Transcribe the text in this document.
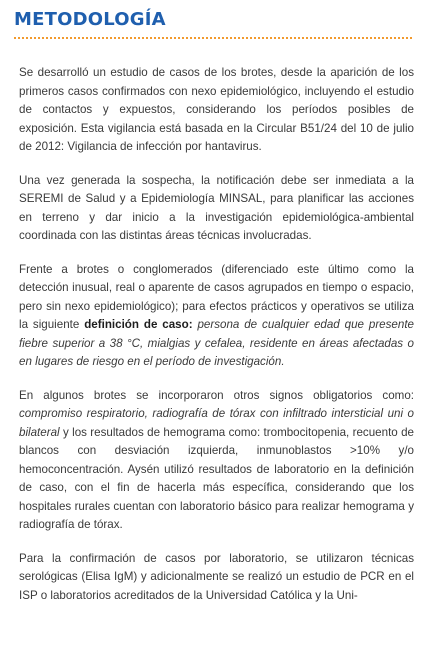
METODOLOGÍA

Se desarrolló un estudio de casos de los brotes, desde la aparición de los primeros casos confirmados con nexo epidemiológico, incluyendo el estudio de contactos y expuestos, considerando los períodos posibles de exposición. Esta vigilancia está basada en la Circular B51/24 del 10 de julio de 2012: Vigilancia de infección por hantavirus.

Una vez generada la sospecha, la notificación debe ser inmediata a la SEREMI de Salud y a Epidemiología MINSAL, para planificar las acciones en terreno y dar inicio a la investigación epidemiológica-ambiental coordinada con las distintas áreas técnicas involucradas.

Frente a brotes o conglomerados (diferenciado este último como la detección inusual, real o aparente de casos agrupados en tiempo o espacio, pero sin nexo epidemiológico); para efectos prácticos y operativos se utiliza la siguiente definición de caso: persona de cualquier edad que presente fiebre superior a 38 °C, mialgias y cefalea, residente en áreas afectadas o en lugares de riesgo en el período de investigación.

En algunos brotes se incorporaron otros signos obligatorios como: compromiso respiratorio, radiografía de tórax con infiltrado intersticial uni o bilateral y los resultados de hemograma como: trombocitopenia, recuento de blancos con desviación izquierda, inmunoblastos >10% y/o hemoconcentración. Aysén utilizó resultados de laboratorio en la definición de caso, con el fin de hacerla más específica, considerando que los hospitales rurales cuentan con laboratorio básico para realizar hemograma y radiografía de tórax.

Para la confirmación de casos por laboratorio, se utilizaron técnicas serológicas (Elisa IgM) y adicionalmente se realizó un estudio de PCR en el ISP o laboratorios acreditados de la Universidad Católica y la Uni-
